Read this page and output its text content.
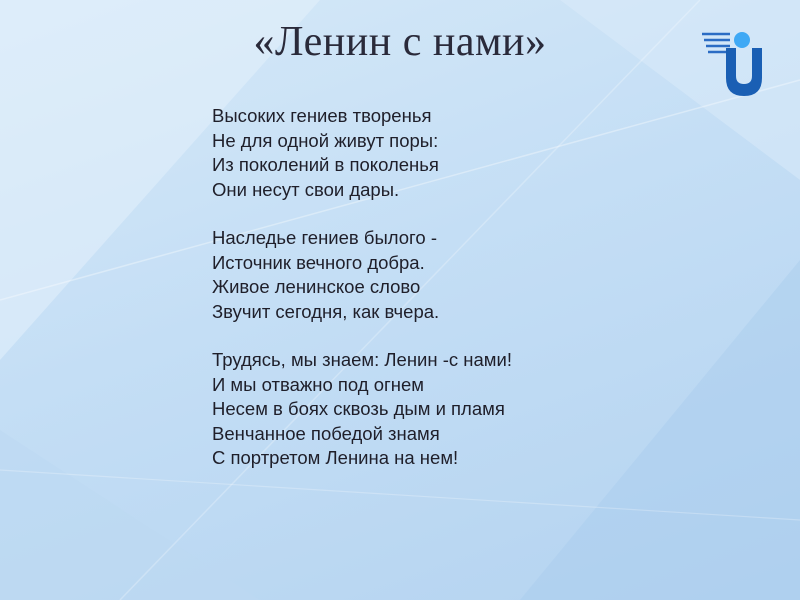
«Ленин с нами»
Высоких гениев творенья
Не для одной живут поры:
Из поколений в поколенья
Они несут свои дары.
Наследье гениев былого -
Источник вечного добра.
Живое ленинское слово
Звучит сегодня, как вчера.
Трудясь, мы знаем: Ленин -с нами!
И мы отважно под огнем
Несем в боях сквозь дым и пламя
Венчанное победой знамя
С портретом Ленина на нем!
